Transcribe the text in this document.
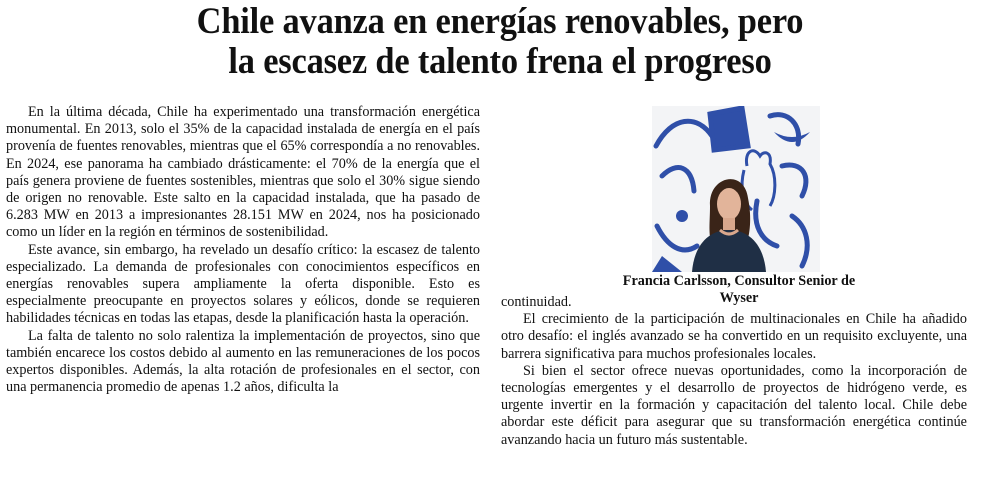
Chile avanza en energías renovables, pero
la escasez de talento frena el progreso

En la última década, Chile ha experimentado una transformación energética monumental. En 2013, solo el 35% de la capacidad instalada de energía en el país provenía de fuentes renovables, mientras que el 65% correspondía a no renovables. En 2024, ese panorama ha cambiado drásticamente: el 70% de la energía que el país genera proviene de fuentes sostenibles, mientras que solo el 30% sigue siendo de origen no renovable. Este salto en la capacidad instalada, que ha pasado de 6.283 MW en 2013 a impresionantes 28.151 MW en 2024, nos ha posicionado como un líder en la región en términos de sostenibilidad.

Este avance, sin embargo, ha revelado un desafío crítico: la escasez de talento especializado. La demanda de profesionales con conocimientos específicos en energías renovables supera ampliamente la oferta disponible. Esto es especialmente preocupante en proyectos solares y eólicos, donde se requieren habilidades técnicas en todas las etapas, desde la planificación hasta la operación.

La falta de talento no solo ralentiza la implementación de proyectos, sino que también encarece los costos debido al aumento en las remuneraciones de los pocos expertos disponibles. Además, la alta rotación de profesionales en el sector, con una permanencia promedio de apenas 1.2 años, dificulta la

Francia Carlsson, Consultor Senior de
Wyser

continuidad.

El crecimiento de la participación de multinacionales en Chile ha añadido otro desafío: el inglés avanzado se ha convertido en un requisito excluyente, una barrera significativa para muchos profesionales locales.

Si bien el sector ofrece nuevas oportunidades, como la incorporación de tecnologías emergentes y el desarrollo de proyectos de hidrógeno verde, es urgente invertir en la formación y capacitación del talento local. Chile debe abordar este déficit para asegurar que su transformación energética continúe avanzando hacia un futuro más sustentable.
